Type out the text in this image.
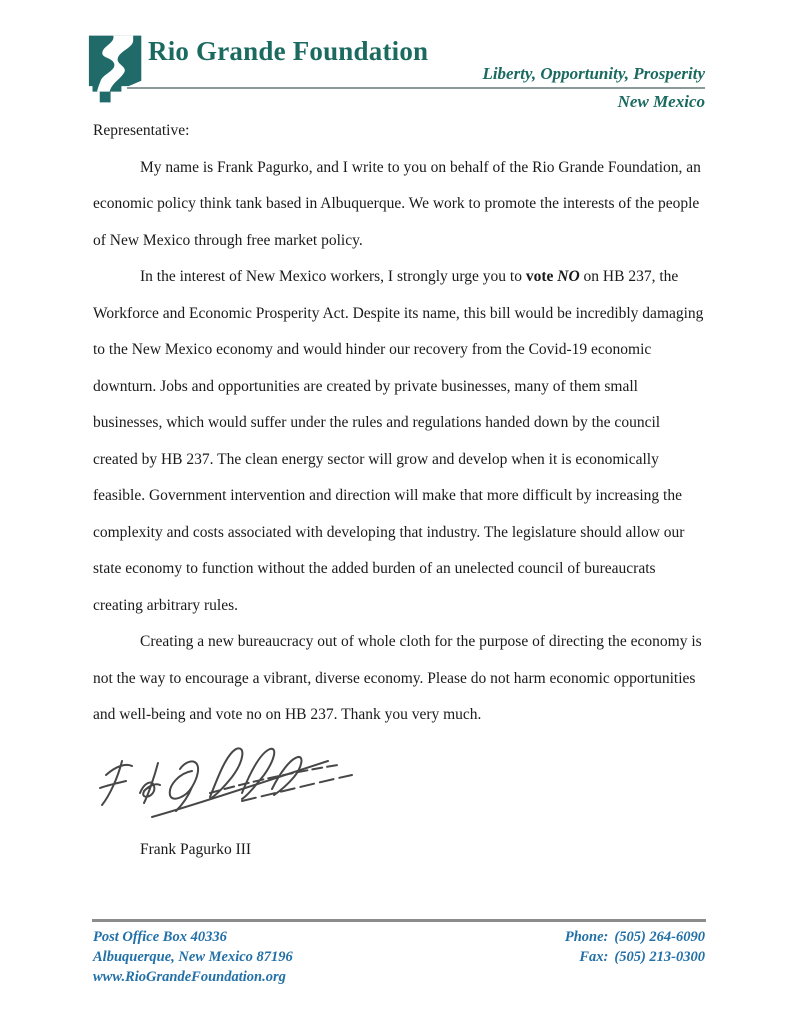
Rio Grande Foundation
Liberty, Opportunity, Prosperity
New Mexico

Representative:

My name is Frank Pagurko, and I write to you on behalf of the Rio Grande Foundation, an economic policy think tank based in Albuquerque. We work to promote the interests of the people of New Mexico through free market policy.

In the interest of New Mexico workers, I strongly urge you to vote NO on HB 237, the Workforce and Economic Prosperity Act. Despite its name, this bill would be incredibly damaging to the New Mexico economy and would hinder our recovery from the Covid-19 economic downturn. Jobs and opportunities are created by private businesses, many of them small businesses, which would suffer under the rules and regulations handed down by the council created by HB 237. The clean energy sector will grow and develop when it is economically feasible. Government intervention and direction will make that more difficult by increasing the complexity and costs associated with developing that industry. The legislature should allow our state economy to function without the added burden of an unelected council of bureaucrats creating arbitrary rules.

Creating a new bureaucracy out of whole cloth for the purpose of directing the economy is not the way to encourage a vibrant, diverse economy. Please do not harm economic opportunities and well-being and vote no on HB 237. Thank you very much.

Frank Pagurko III
Post Office Box 40336
Albuquerque, New Mexico 87196
www.RioGrandeFoundation.org
Phone: (505) 264-6090
Fax: (505) 213-0300
